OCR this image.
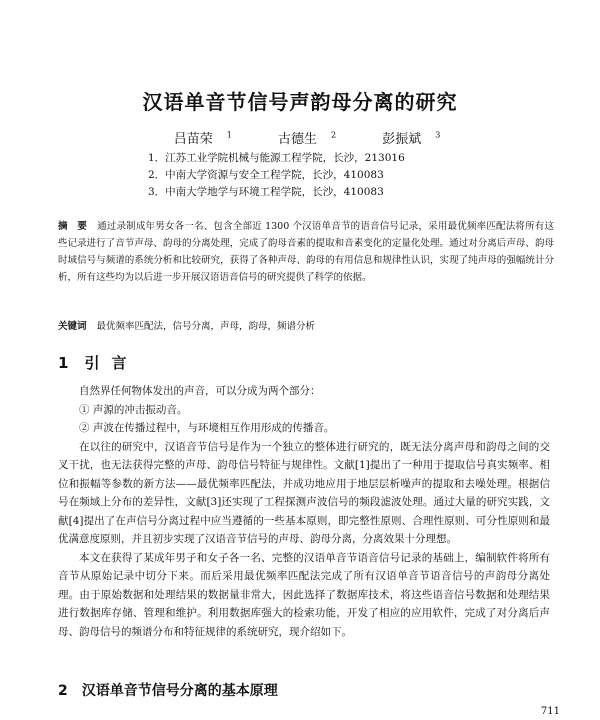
汉语单音节信号声韵母分离的研究
吕苗荣 $^1$	古德生 $^2$	彭振斌 $^3$
1．江苏工业学院机械与能源工程学院，长沙，213016
2．中南大学资源与安全工程学院，长沙，410083
3．中南大学地学与环境工程学院，长沙，410083
摘　要 通过录制成年男女各一名、包含全部近 1300 个汉语单音节的语音信号记录，采用最优频率匹配法将所有这些记录进行了音节声母、韵母的分离处理，完成了韵母音素的提取和音素变化的定量化处理。通过对分离后声母、韵母时域信号与频谱的系统分析和比较研究，获得了各种声母、韵母的有用信息和规律性认识，实现了纯声母的强幅统计分析，所有这些均为以后进一步开展汉语语音信号的研究提供了科学的依据。
关键词 最优频率匹配法，信号分离，声母，韵母，频谱分析
1 引言

自然界任何物体发出的声音，可以分成为两个部分：

① 声源的冲击振动音。

② 声波在传播过程中，与环境相互作用形成的传播音。

在以往的研究中，汉语音节信号是作为一个独立的整体进行研究的，既无法分离声母和韵母之间的交叉干扰，也无法获得完整的声母、韵母信号特征与规律性。文献[1]提出了一种用于提取信号真实频率、相位和振幅等参数的新方法——最优频率匹配法，并成功地应用于地层层析噪声的提取和去噪处理。根据信号在频域上分布的差异性，文献[3]还实现了工程探测声波信号的频段滤波处理。通过大量的研究实践，文献[4]提出了在声信号分离过程中应当遵循的一些基本原则，即完整性原则、合理性原则、可分性原则和最优满意度原则，并且初步实现了汉语音节信号的声母、韵母分离，分离效果十分理想。

本文在获得了某成年男子和女子各一名、完整的汉语单音节语音信号记录的基础上，编制软件将所有音节从原始记录中切分下来。而后采用最优频率匹配法完成了所有汉语单音节语音信号的声韵母分离处理。由于原始数据和处理结果的数据量非常大，因此选择了数据库技术，将这些语音信号数据和处理结果进行数据库存储、管理和维护。利用数据库强大的检索功能，开发了相应的应用软件，完成了对分离后声母、韵母信号的频谱分布和特征规律的系统研究，现介绍如下。

2 汉语单音节信号分离的基本原理
711
